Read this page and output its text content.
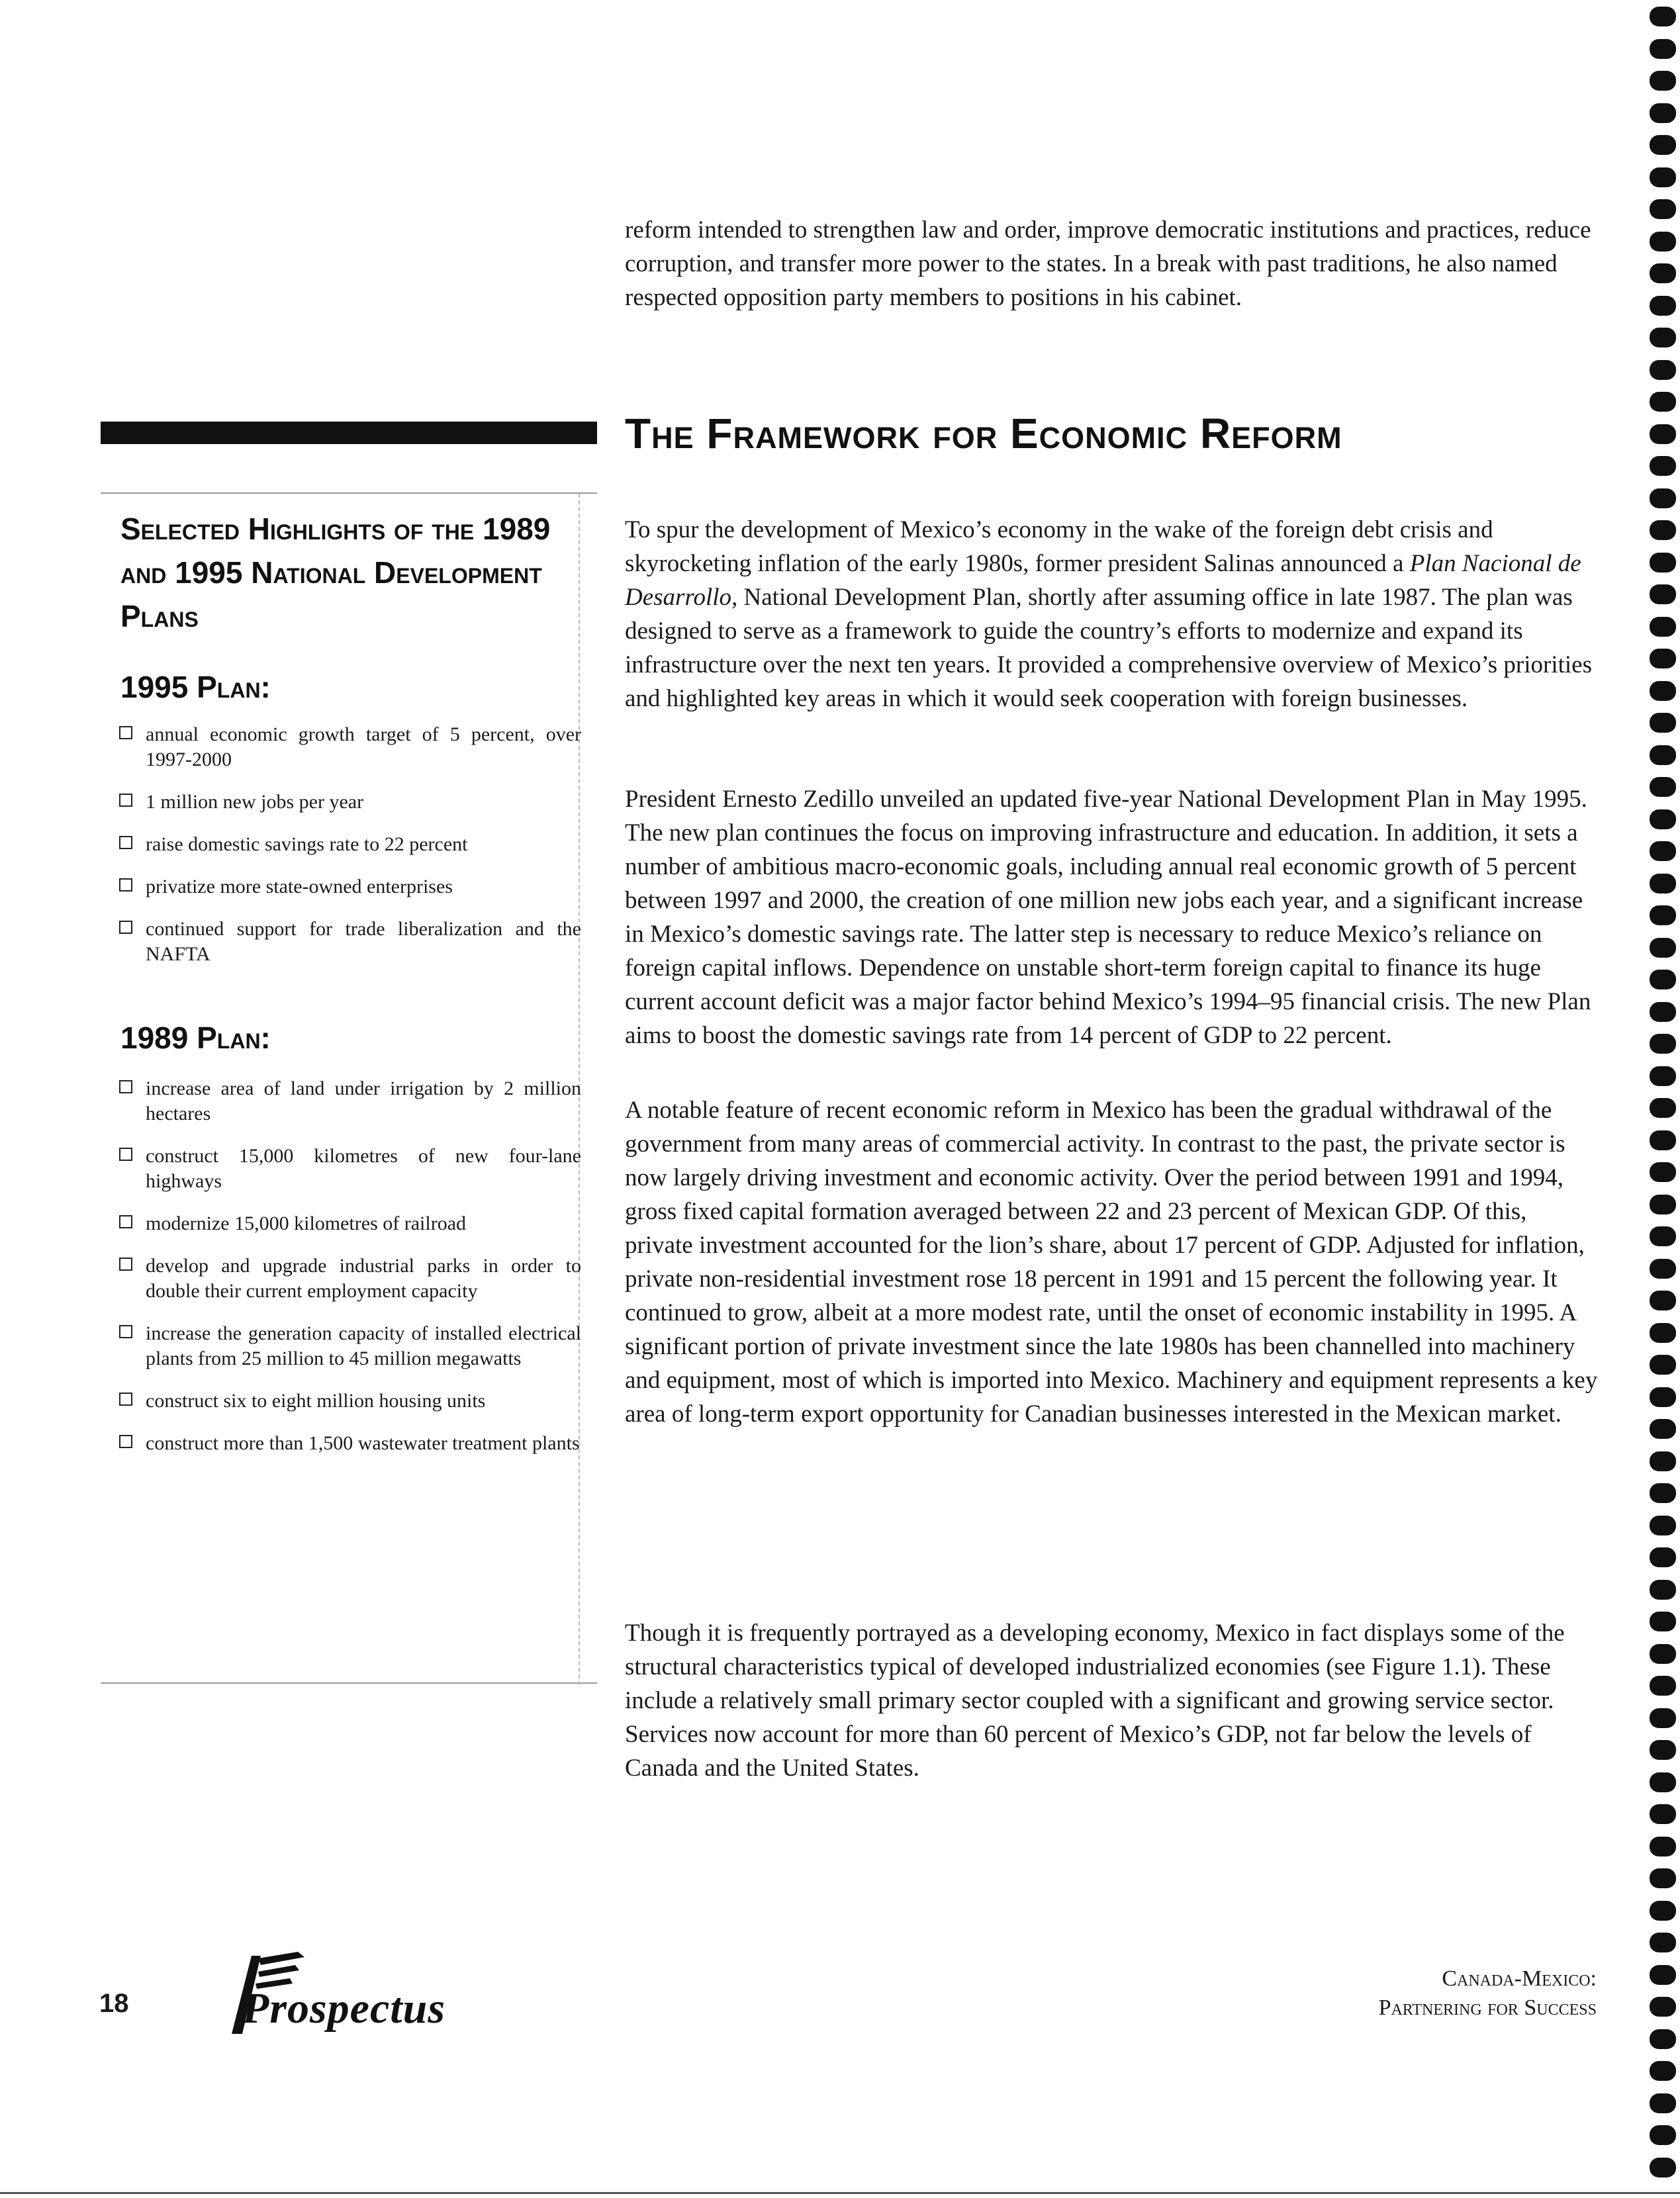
reform intended to strengthen law and order, improve democratic institutions and practices, reduce corruption, and transfer more power to the states. In a break with past traditions, he also named respected opposition party members to positions in his cabinet.

The Framework for Economic Reform

To spur the development of Mexico’s economy in the wake of the foreign debt crisis and skyrocketing inflation of the early 1980s, former president Salinas announced a Plan Nacional de Desarrollo, National Development Plan, shortly after assuming office in late 1987. The plan was designed to serve as a framework to guide the country’s efforts to modernize and expand its infrastructure over the next ten years. It provided a comprehensive overview of Mexico’s priorities and highlighted key areas in which it would seek cooperation with foreign businesses.

President Ernesto Zedillo unveiled an updated five-year National Development Plan in May 1995. The new plan continues the focus on improving infrastructure and education. In addition, it sets a number of ambitious macro-economic goals, including annual real economic growth of 5 percent between 1997 and 2000, the creation of one million new jobs each year, and a significant increase in Mexico’s domestic savings rate. The latter step is necessary to reduce Mexico’s reliance on foreign capital inflows. Dependence on unstable short-term foreign capital to finance its huge current account deficit was a major factor behind Mexico’s 1994–95 financial crisis. The new Plan aims to boost the domestic savings rate from 14 percent of GDP to 22 percent.

A notable feature of recent economic reform in Mexico has been the gradual withdrawal of the government from many areas of commercial activity. In contrast to the past, the private sector is now largely driving investment and economic activity. Over the period between 1991 and 1994, gross fixed capital formation averaged between 22 and 23 percent of Mexican GDP. Of this, private investment accounted for the lion’s share, about 17 percent of GDP. Adjusted for inflation, private non-residential investment rose 18 percent in 1991 and 15 percent the following year. It continued to grow, albeit at a more modest rate, until the onset of economic instability in 1995. A significant portion of private investment since the late 1980s has been channelled into machinery and equipment, most of which is imported into Mexico. Machinery and equipment represents a key area of long-term export opportunity for Canadian businesses interested in the Mexican market.

Though it is frequently portrayed as a developing economy, Mexico in fact displays some of the structural characteristics typical of developed industrialized economies (see Figure 1.1). These include a relatively small primary sector coupled with a significant and growing service sector. Services now account for more than 60 percent of Mexico’s GDP, not far below the levels of Canada and the United States.

Selected Highlights of the 1989 and 1995 National Development Plans
1995 Plan:
annual economic growth target of 5 percent, over 1997-2000
1 million new jobs per year
raise domestic savings rate to 22 percent
privatize more state-owned enterprises
continued support for trade liberalization and the NAFTA
1989 Plan:
increase area of land under irrigation by 2 million hectares
construct 15,000 kilometres of new four-lane highways
modernize 15,000 kilometres of railroad
develop and upgrade industrial parks in order to double their current employment capacity
increase the generation capacity of installed electrical plants from 25 million to 45 million megawatts
construct six to eight million housing units
construct more than 1,500 wastewater treatment plants

18	Prospectus

Canada-Mexico:
Partnering for Success
